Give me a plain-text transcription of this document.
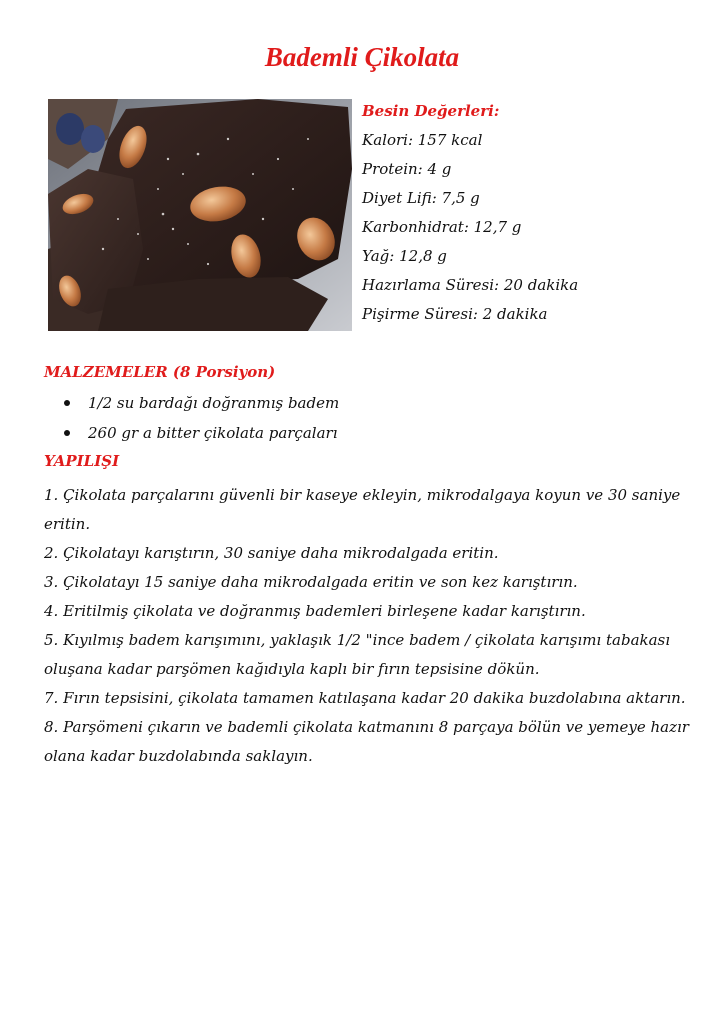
Bademli Çikolata
Besin Değerleri:
Kalori: 157 kcal
Protein: 4 g
Diyet Lifi: 7,5 g
Karbonhidrat: 12,7 g
Yağ: 12,8 g
Hazırlama Süresi: 20 dakika
Pişirme Süresi: 2 dakika
MALZEMELER (8 Porsiyon)
1/2 su bardağı doğranmış badem
260 gr a bitter çikolata parçaları
YAPILIŞI

1. Çikolata parçalarını güvenli bir kaseye ekleyin, mikrodalgaya koyun ve 30 saniye eritin.

2. Çikolatayı karıştırın, 30 saniye daha mikrodalgada eritin.

3. Çikolatayı 15 saniye daha mikrodalgada eritin ve son kez karıştırın.

4. Eritilmiş çikolata ve doğranmış bademleri birleşene kadar karıştırın.

5. Kıyılmış badem karışımını, yaklaşık 1/2 "ince badem / çikolata karışımı tabakası oluşana kadar parşömen kağıdıyla kaplı bir fırın tepsisine dökün.

7. Fırın tepsisini, çikolata tamamen katılaşana kadar 20 dakika buzdolabına aktarın.

8. Parşömeni çıkarın ve bademli çikolata katmanını 8 parçaya bölün ve yemeye hazır olana kadar buzdolabında saklayın.
